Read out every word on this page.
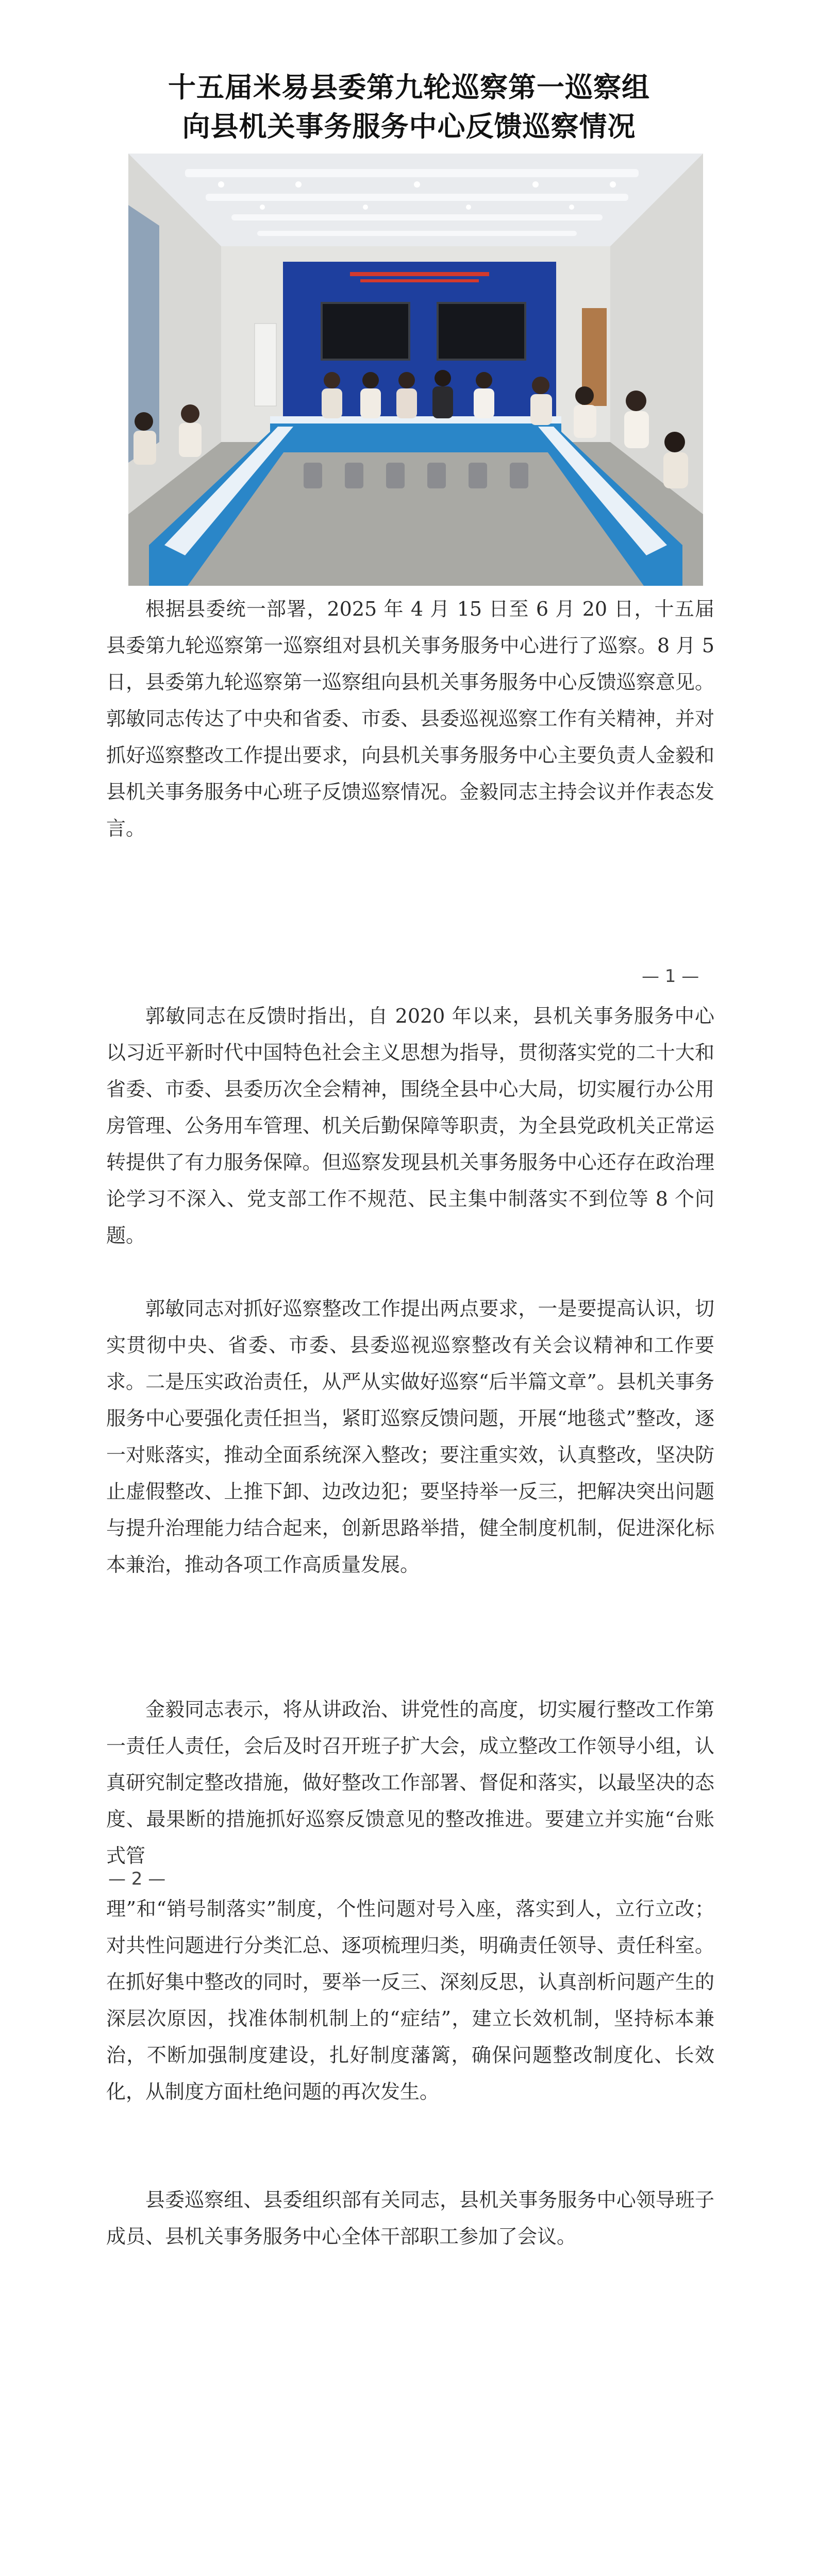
十五届米易县委第九轮巡察第一巡察组
向县机关事务服务中心反馈巡察情况

根据县委统一部署，2025 年 4 月 15 日至 6 月 20 日，十五届县委第九轮巡察第一巡察组对县机关事务服务中心进行了巡察。8 月 5 日，县委第九轮巡察第一巡察组向县机关事务服务中心反馈巡察意见。郭敏同志传达了中央和省委、市委、县委巡视巡察工作有关精神，并对抓好巡察整改工作提出要求，向县机关事务服务中心主要负责人金毅和县机关事务服务中心班子反馈巡察情况。金毅同志主持会议并作表态发言。

— 1 —

郭敏同志在反馈时指出，自 2020 年以来，县机关事务服务中心以习近平新时代中国特色社会主义思想为指导，贯彻落实党的二十大和省委、市委、县委历次全会精神，围绕全县中心大局，切实履行办公用房管理、公务用车管理、机关后勤保障等职责，为全县党政机关正常运转提供了有力服务保障。但巡察发现县机关事务服务中心还存在政治理论学习不深入、党支部工作不规范、民主集中制落实不到位等 8 个问题。

郭敏同志对抓好巡察整改工作提出两点要求，一是要提高认识，切实贯彻中央、省委、市委、县委巡视巡察整改有关会议精神和工作要求。二是压实政治责任，从严从实做好巡察“后半篇文章”。县机关事务服务中心要强化责任担当，紧盯巡察反馈问题，开展“地毯式”整改，逐一对账落实，推动全面系统深入整改；要注重实效，认真整改，坚决防止虚假整改、上推下卸、边改边犯；要坚持举一反三，把解决突出问题与提升治理能力结合起来，创新思路举措，健全制度机制，促进深化标本兼治，推动各项工作高质量发展。

金毅同志表示，将从讲政治、讲党性的高度，切实履行整改工作第一责任人责任，会后及时召开班子扩大会，成立整改工作领导小组，认真研究制定整改措施，做好整改工作部署、督促和落实，以最坚决的态度、最果断的措施抓好巡察反馈意见的整改推进。要建立并实施“台账式管

— 2 —

理”和“销号制落实”制度，个性问题对号入座，落实到人，立行立改；对共性问题进行分类汇总、逐项梳理归类，明确责任领导、责任科室。在抓好集中整改的同时，要举一反三、深刻反思，认真剖析问题产生的深层次原因，找准体制机制上的“症结”，建立长效机制，坚持标本兼治，不断加强制度建设，扎好制度藩篱，确保问题整改制度化、长效化，从制度方面杜绝问题的再次发生。

县委巡察组、县委组织部有关同志，县机关事务服务中心领导班子成员、县机关事务服务中心全体干部职工参加了会议。
